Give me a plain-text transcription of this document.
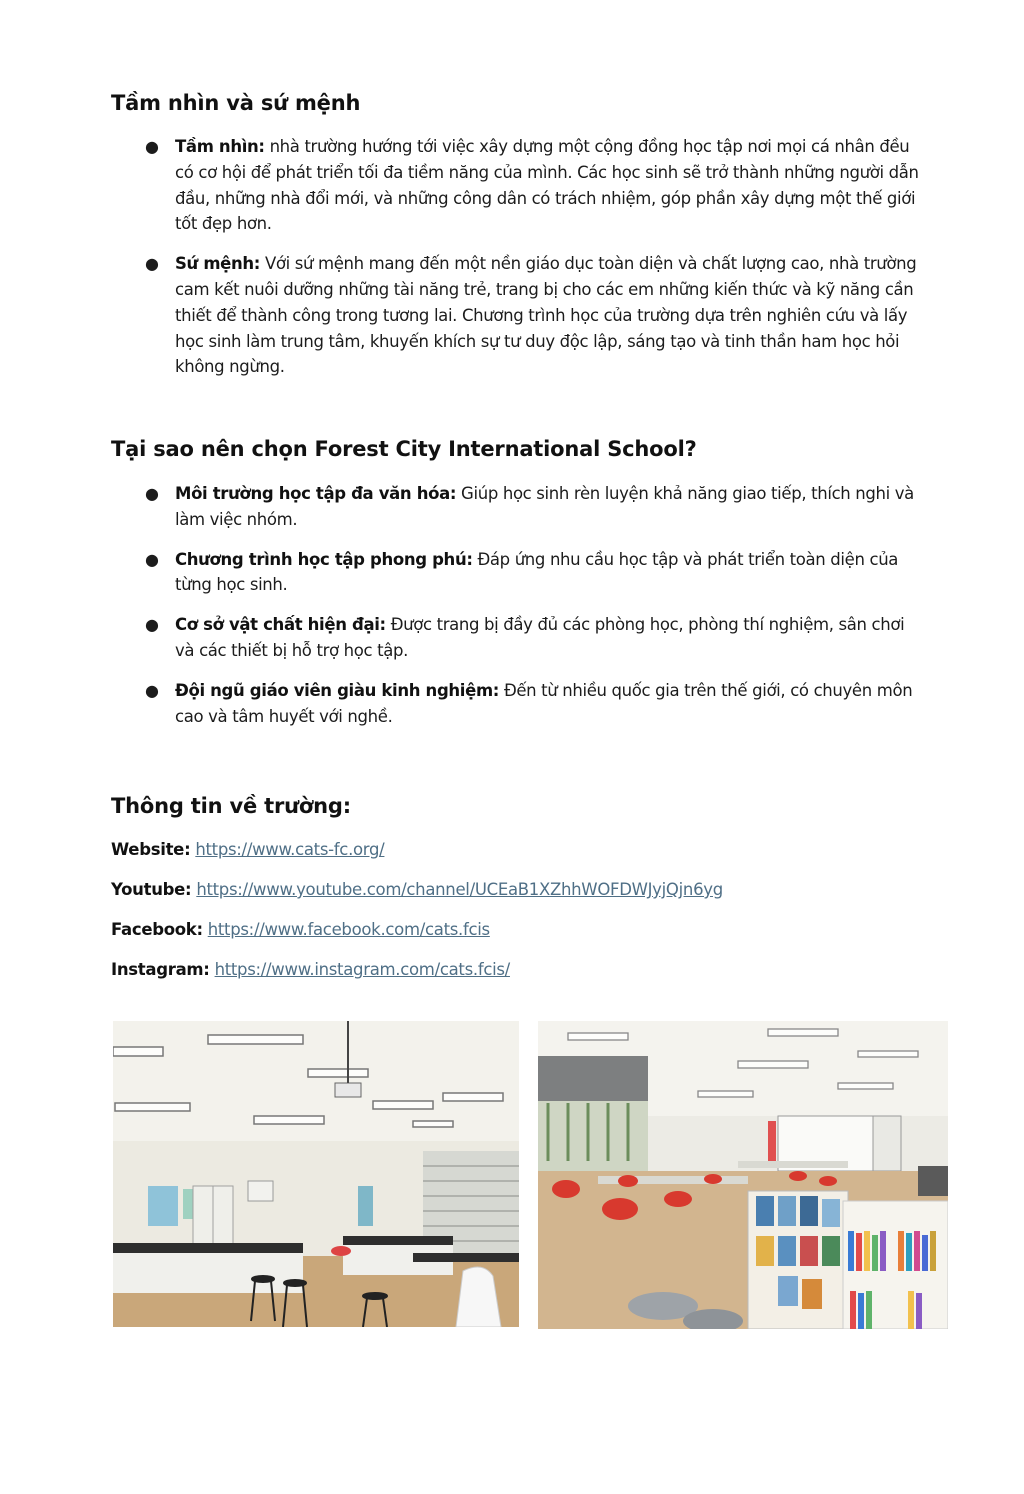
Tầm nhìn và sứ mệnh
● Tầm nhìn: nhà trường hướng tới việc xây dựng một cộng đồng học tập nơi mọi cá nhân đều có cơ hội để phát triển tối đa tiềm năng của mình. Các học sinh sẽ trở thành những người dẫn đầu, những nhà đổi mới, và những công dân có trách nhiệm, góp phần xây dựng một thế giới tốt đẹp hơn.
● Sứ mệnh: Với sứ mệnh mang đến một nền giáo dục toàn diện và chất lượng cao, nhà trường cam kết nuôi dưỡng những tài năng trẻ, trang bị cho các em những kiến thức và kỹ năng cần thiết để thành công trong tương lai. Chương trình học của trường dựa trên nghiên cứu và lấy học sinh làm trung tâm, khuyến khích sự tư duy độc lập, sáng tạo và tinh thần ham học hỏi không ngừng.
Tại sao nên chọn Forest City International School?
● Môi trường học tập đa văn hóa: Giúp học sinh rèn luyện khả năng giao tiếp, thích nghi và làm việc nhóm.
● Chương trình học tập phong phú: Đáp ứng nhu cầu học tập và phát triển toàn diện của từng học sinh.
● Cơ sở vật chất hiện đại: Được trang bị đầy đủ các phòng học, phòng thí nghiệm, sân chơi và các thiết bị hỗ trợ học tập.
● Đội ngũ giáo viên giàu kinh nghiệm: Đến từ nhiều quốc gia trên thế giới, có chuyên môn cao và tâm huyết với nghề.
Thông tin về trường:

Website: https://www.cats-fc.org/

Youtube: https://www.youtube.com/channel/UCEaB1XZhhWOFDWJyjQjn6yg

Facebook: https://www.facebook.com/cats.fcis

Instagram: https://www.instagram.com/cats.fcis/
